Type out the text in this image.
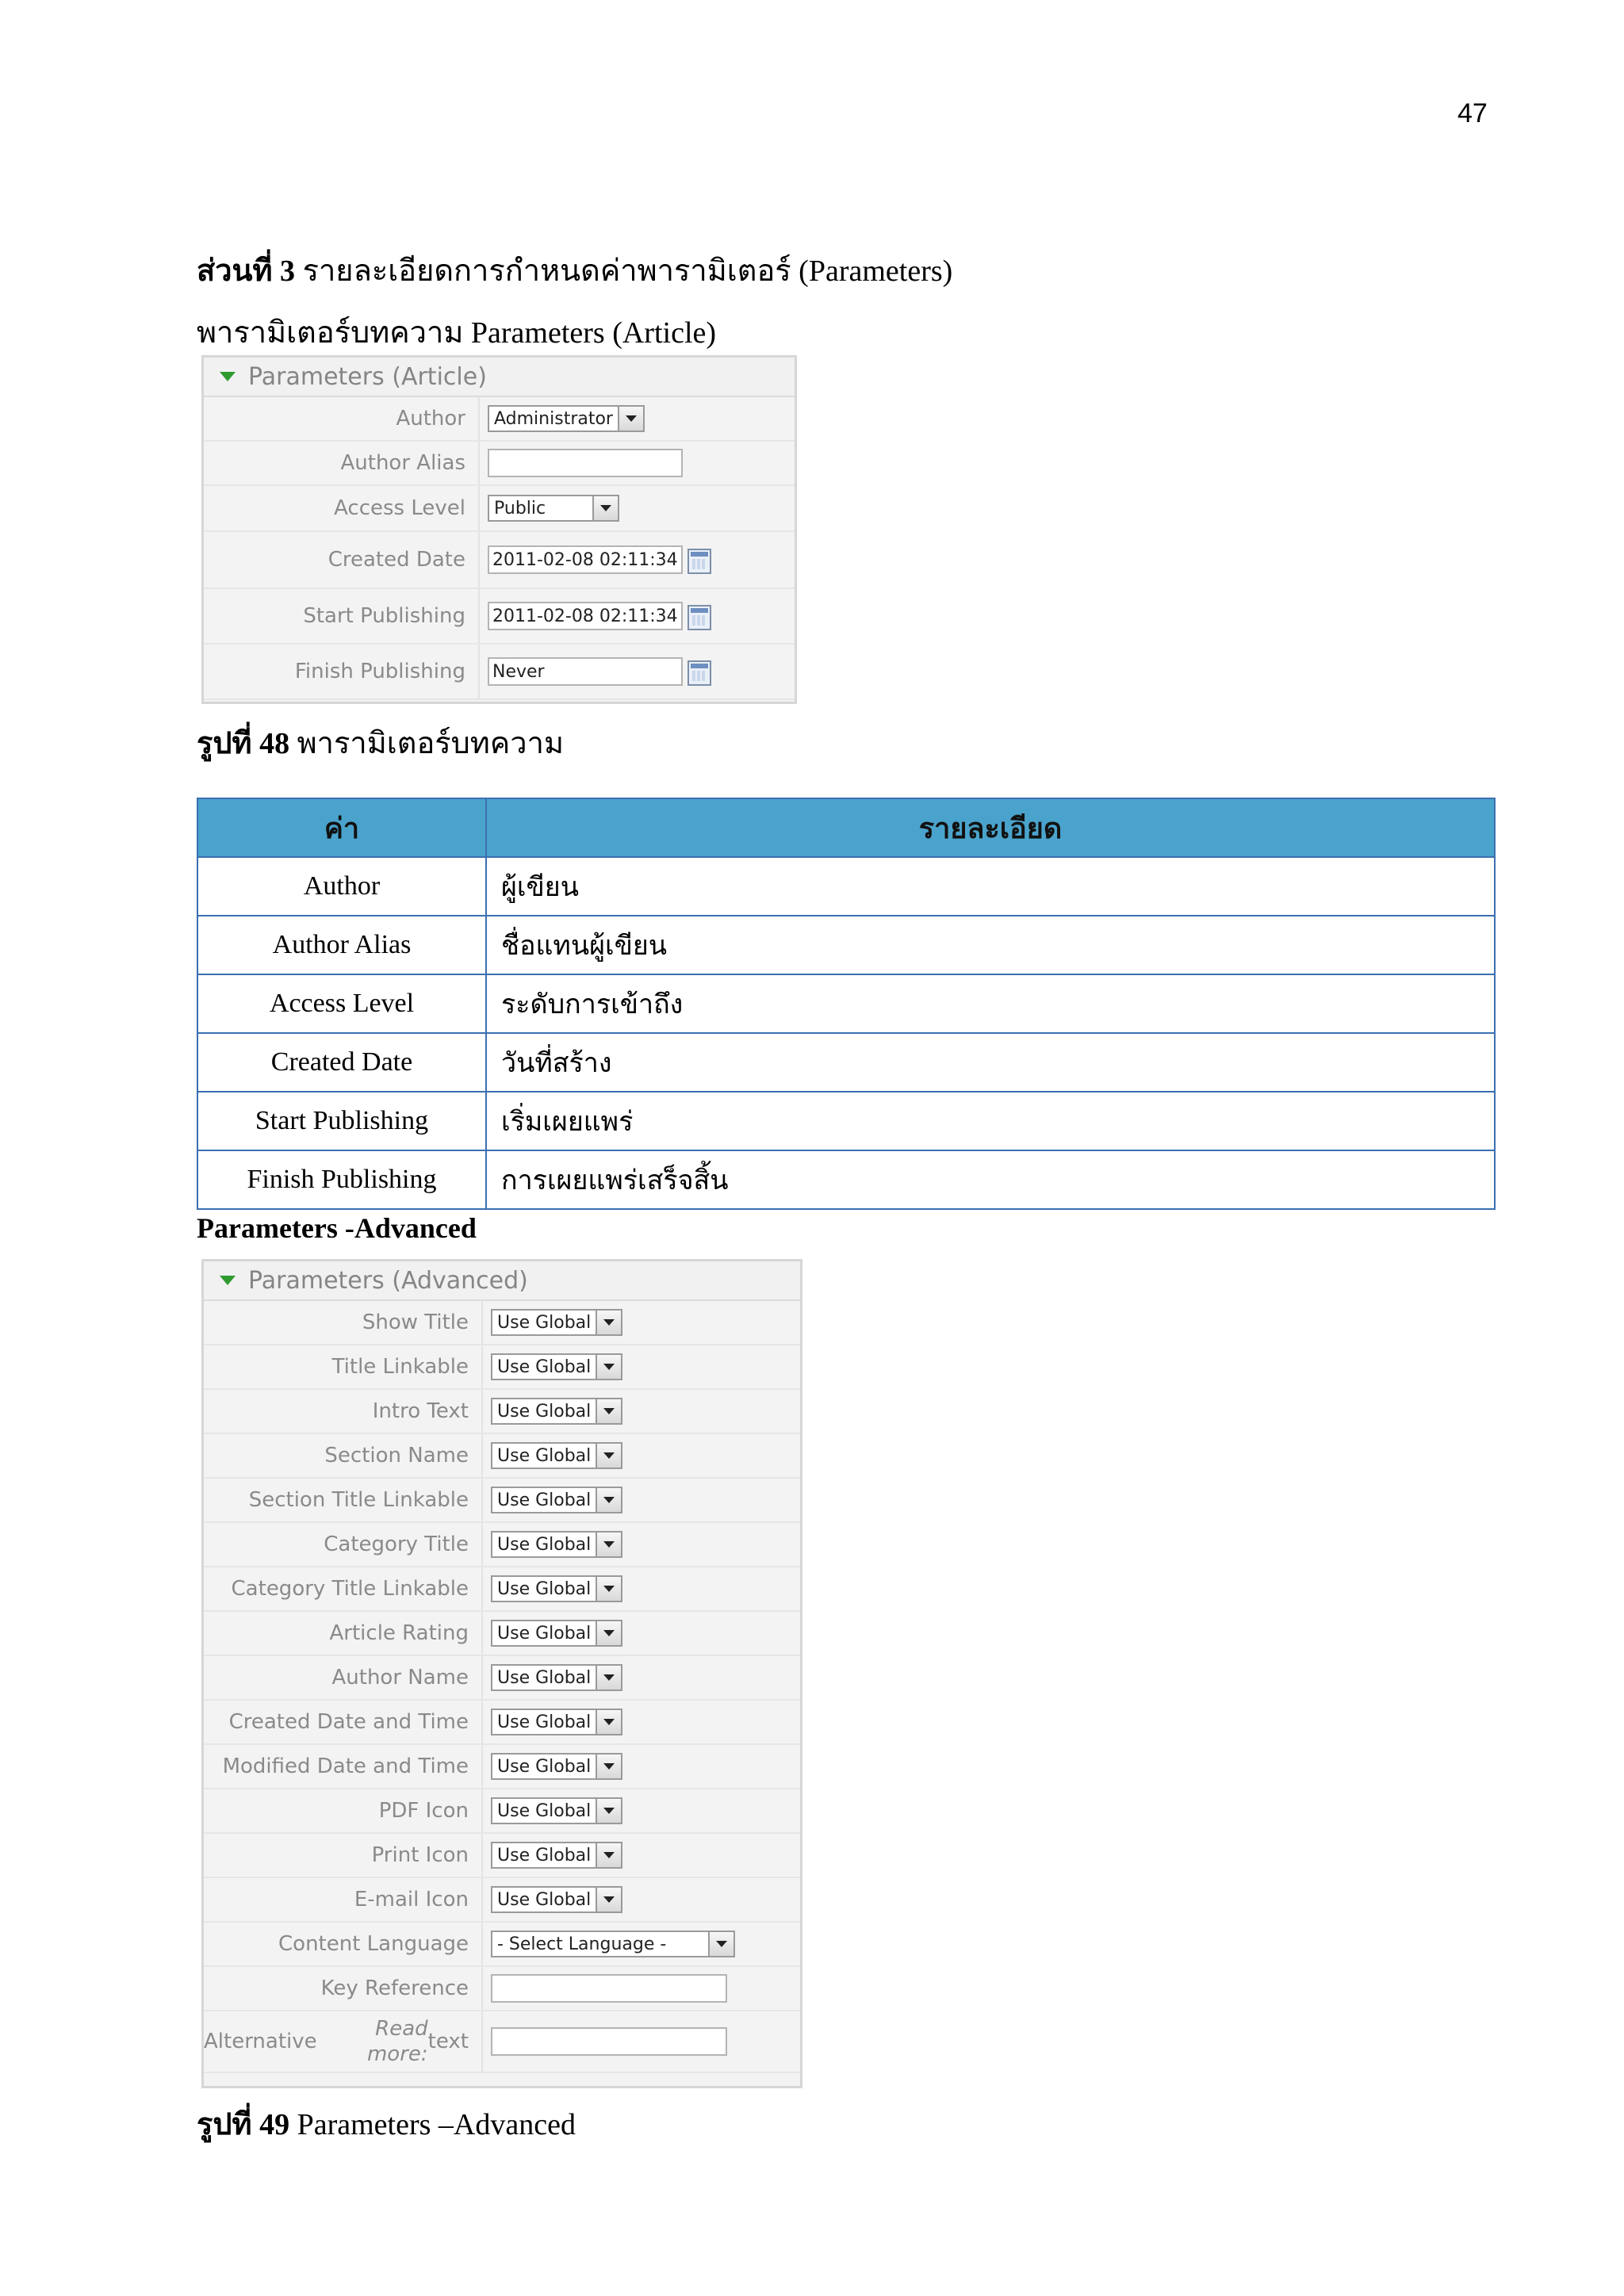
47
ส่วนที่ 3 รายละเอียดการกำหนดค่าพารามิเตอร์ (Parameters)
พารามิเตอร์บทความ Parameters (Article)
Parameters (Article)
Author	Administrator
Author Alias
Access Level	Public
Created Date	2011-02-08 02:11:34
Start Publishing	2011-02-08 02:11:34
Finish Publishing	Never
รูปที่ 48 พารามิเตอร์บทความ
ค่า	รายละเอียด
Author	ผู้เขียน
Author Alias	ชื่อแทนผู้เขียน
Access Level	ระดับการเข้าถึง
Created Date	วันที่สร้าง
Start Publishing	เริ่มเผยแพร่
Finish Publishing	การเผยแพร่เสร็จสิ้น
Parameters -Advanced
Parameters (Advanced)
Show Title	Use Global
Title Linkable	Use Global
Intro Text	Use Global
Section Name	Use Global
Section Title Linkable	Use Global
Category Title	Use Global
Category Title Linkable	Use Global
Article Rating	Use Global
Author Name	Use Global
Created Date and Time	Use Global
Modified Date and Time	Use Global
PDF Icon	Use Global
Print Icon	Use Global
E-mail Icon	Use Global
Content Language	- Select Language -
Key Reference
Alternative
Read more:
text
รูปที่ 49 Parameters –Advanced
